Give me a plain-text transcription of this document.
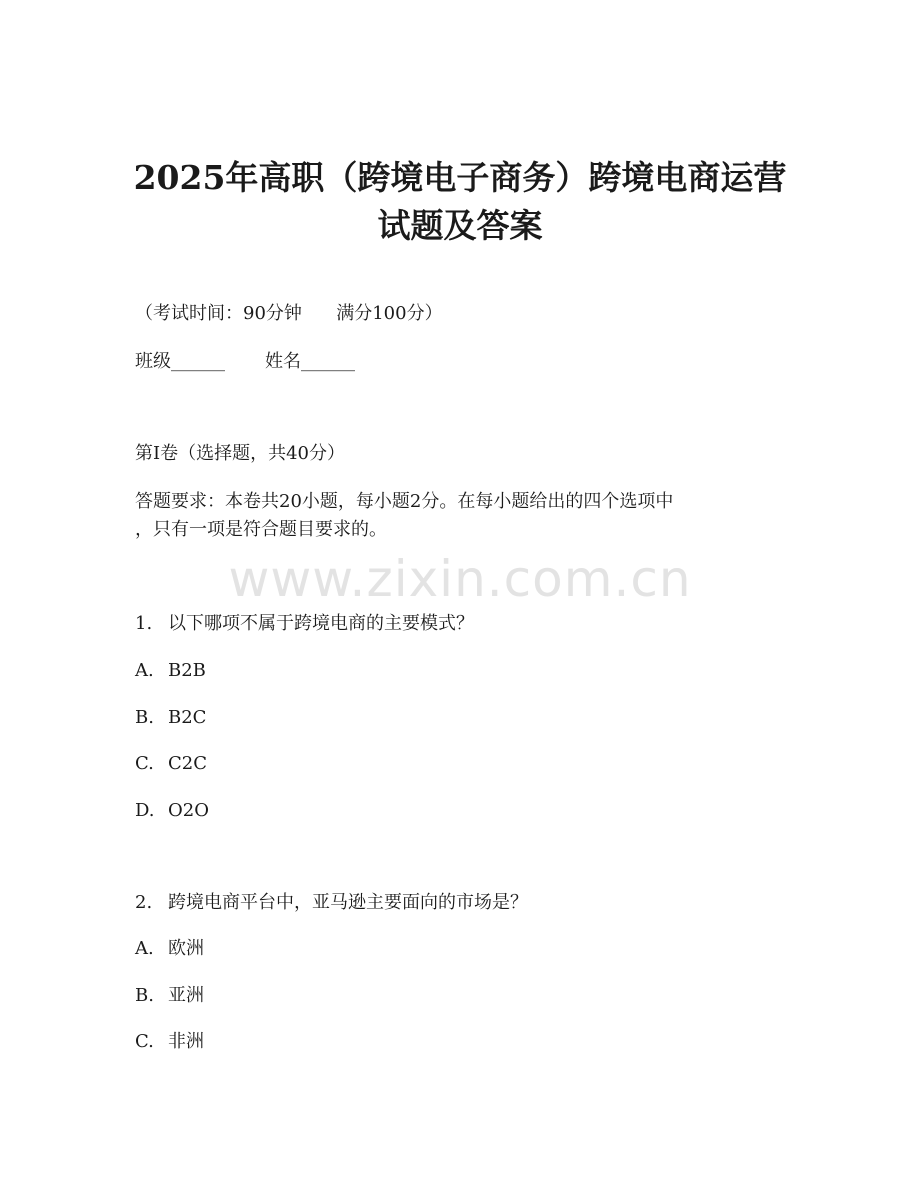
2025年高职（跨境电子商务）跨境电商运营
试题及答案

（考试时间：90分钟      满分100分）

班级______       姓名______

第I卷（选择题，共40分）

答题要求：本卷共20小题，每小题2分。在每小题给出的四个选项中

，只有一项是符合题目要求的。

www.zixin.com.cn

1. 以下哪项不属于跨境电商的主要模式？

A. B2B

B. B2C

C. C2C

D. O2O

2. 跨境电商平台中，亚马逊主要面向的市场是？

A. 欧洲

B. 亚洲

C. 非洲
